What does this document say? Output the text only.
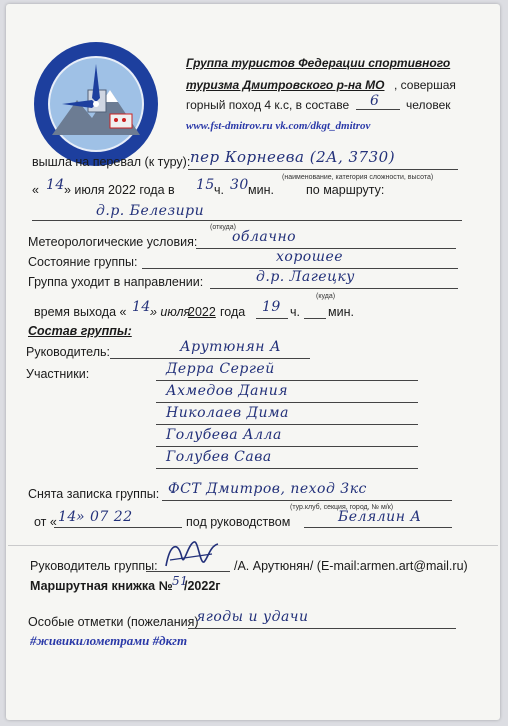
Группа туристов Федерации спортивного
туризма Дмитровского р-на МО , совершая
горный поход 4 к.с, в составе 6 человек
www.fst-dmitrov.ru vk.com/dkgt_dmitrov
вышла на перевал (к туру): пер Корнеева (2А, 3730)
(наименование, категория сложности, высота)
« 14 » июля 2022 года в 15 ч. 30 мин.	по маршруту:
д.р. Белезири
(откуда)
Метеорологические условия: облачно
Состояние группы:	хорошее
Группа уходит в направлении:	д.р. Лагецку
(куда)
время выхода « 14 » июля
2022 года 19 ч. мин.
Состав группы:
Руководитель:	Арутюнян А
Участники:	Дерра Сергей
Ахмедов Дания
Николаев Дима
Голубева Алла
Голубев Сава
Снята записка группы: ФСТ Дмитров, пеход 3кс
(тур.клуб, секция, город, № м/к)
от « 14 » 07 22	под руководством	Белялин А
Руководитель группы:	/А. Арутюнян/ (E-mail:armen.art@mail.ru)
Маршрутная книжка № 51
/2022г
Особые отметки (пожелания)
ягоды и удачи
#живикилометрами #дкгт
